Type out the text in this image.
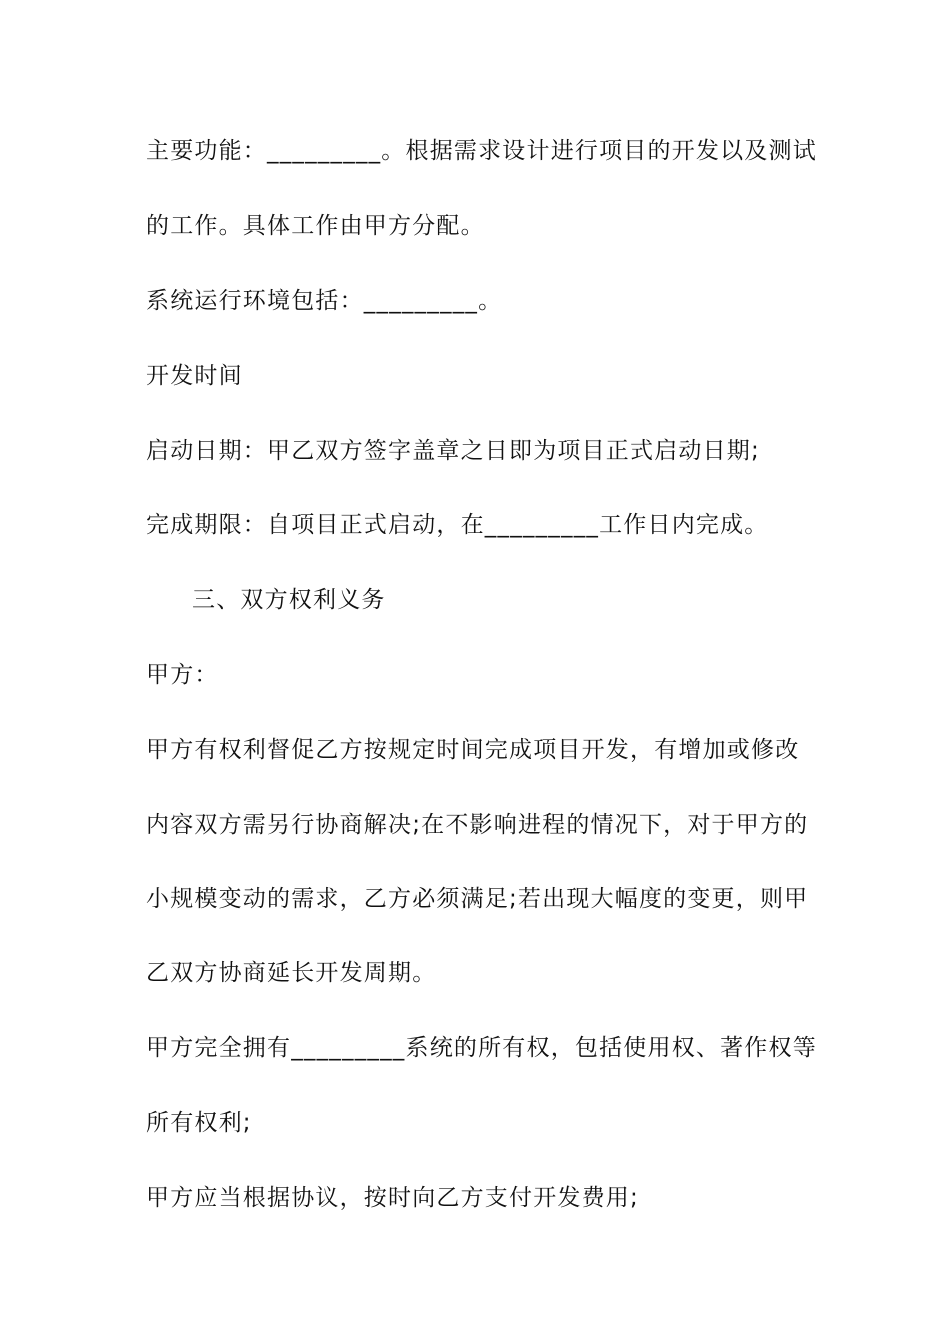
主要功能：_________。根据需求设计进行项目的开发以及测试
的工作。具体工作由甲方分配。
系统运行环境包括：_________。
开发时间
启动日期：甲乙双方签字盖章之日即为项目正式启动日期;
完成期限：自项目正式启动，在_________工作日内完成。
三、双方权利义务
甲方：
甲方有权利督促乙方按规定时间完成项目开发，有增加或修改
内容双方需另行协商解决;在不影响进程的情况下，对于甲方的
小规模变动的需求，乙方必须满足;若出现大幅度的变更，则甲
乙双方协商延长开发周期。
甲方完全拥有_________系统的所有权，包括使用权、著作权等
所有权利;
甲方应当根据协议，按时向乙方支付开发费用;
